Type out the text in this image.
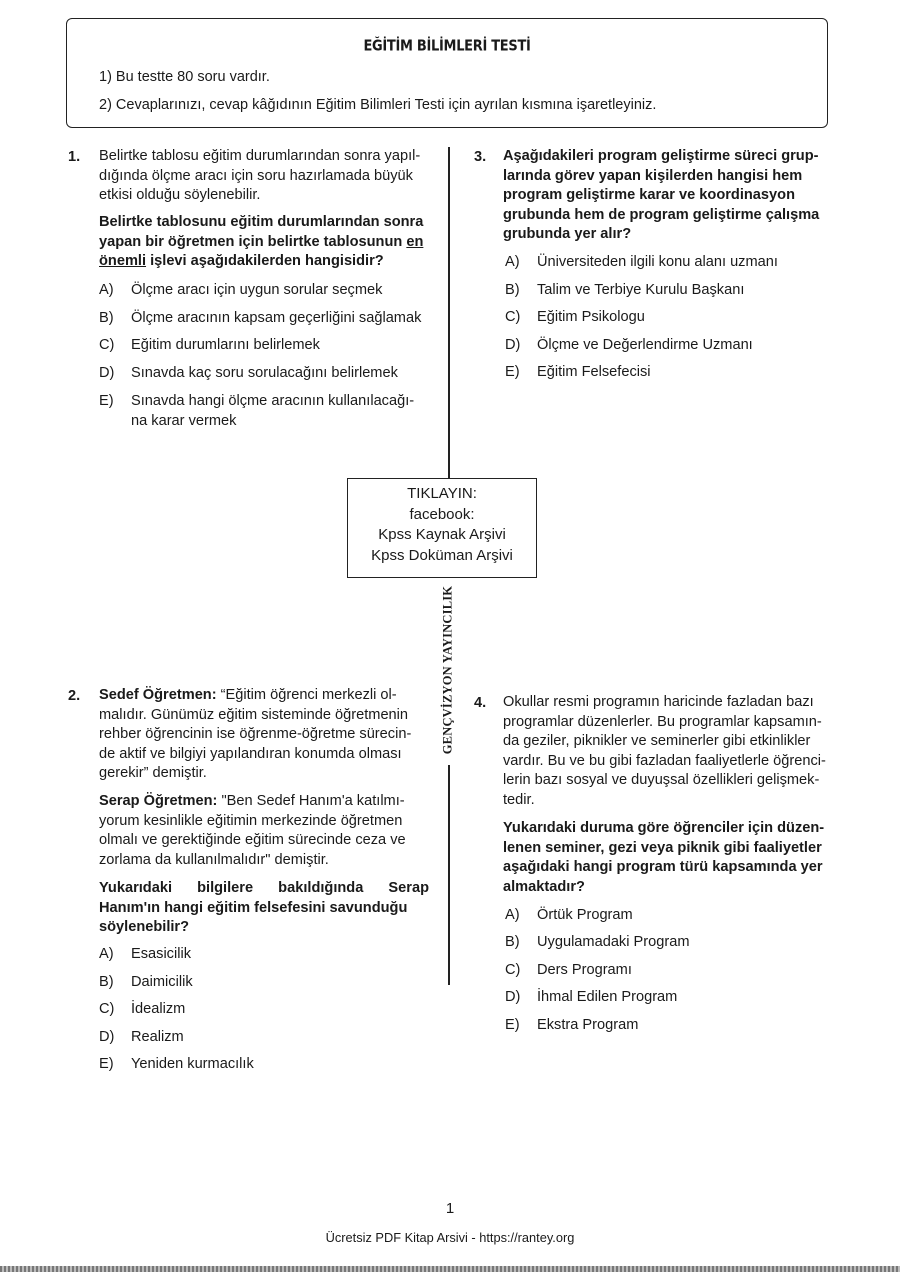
EĞİTİM BİLİMLERİ TESTİ
1) Bu testte 80 soru vardır.
2) Cevaplarınızı, cevap kâğıdının Eğitim Bilimleri Testi için ayrılan kısmına işaretleyiniz.
GENÇVİZYON YAYINCILIK
1. Belirtke tablosu eğitim durumlarından sonra yapıl-
dığında ölçme aracı için soru hazırlamada büyük
etkisi olduğu söylenebilir.
Belirtke tablosunu eğitim durumlarından sonra
yapan bir öğretmen için belirtke tablosunun en
önemli işlevi aşağıdakilerden hangisidir?
A) Ölçme aracı için uygun sorular seçmek
B) Ölçme aracının kapsam geçerliğini sağlamak
C) Eğitim durumlarını belirlemek
D) Sınavda kaç soru sorulacağını belirlemek
E) Sınavda hangi ölçme aracının kullanılacağı-
na karar vermek
3. Aşağıdakileri program geliştirme süreci grup-
larında görev yapan kişilerden hangisi hem
program geliştirme karar ve koordinasyon
grubunda hem de program geliştirme çalışma
grubunda yer alır?
A) Üniversiteden ilgili konu alanı uzmanı
B) Talim ve Terbiye Kurulu Başkanı
C) Eğitim Psikologu
D) Ölçme ve Değerlendirme Uzmanı
E) Eğitim Felsefecisi
TIKLAYIN:
facebook:
Kpss Kaynak Arşivi
Kpss Doküman Arşivi
2. Sedef Öğretmen: “Eğitim öğrenci merkezli ol-
malıdır. Günümüz eğitim sisteminde öğretmenin
rehber öğrencinin ise öğrenme-öğretme sürecin-
de aktif ve bilgiyi yapılandıran konumda olması
gerekir” demiştir.
Serap Öğretmen: "Ben Sedef Hanım'a katılmı-
yorum kesinlikle eğitimin merkezinde öğretmen
olmalı ve gerektiğinde eğitim sürecinde ceza ve
zorlama da kullanılmalıdır" demiştir.
Yukarıdaki bilgilere bakıldığında Serap
Hanım'ın hangi eğitim felsefesini savunduğu
söylenebilir?
A) Esasicilik
B) Daimicilik
C) İdealizm
D) Realizm
E) Yeniden kurmacılık
4. Okullar resmi programın haricinde fazladan bazı
programlar düzenlerler. Bu programlar kapsamın-
da geziler, piknikler ve seminerler gibi etkinlikler
vardır. Bu ve bu gibi fazladan faaliyetlerle öğrenci-
lerin bazı sosyal ve duyuşsal özellikleri gelişmek-
tedir.
Yukarıdaki duruma göre öğrenciler için düzen-
lenen seminer, gezi veya piknik gibi faaliyetler
aşağıdaki hangi program türü kapsamında yer
almaktadır?
A) Örtük Program
B) Uygulamadaki Program
C) Ders Programı
D) İhmal Edilen Program
E) Ekstra Program
1
Ücretsiz PDF Kitap Arsivi - https://rantey.org
